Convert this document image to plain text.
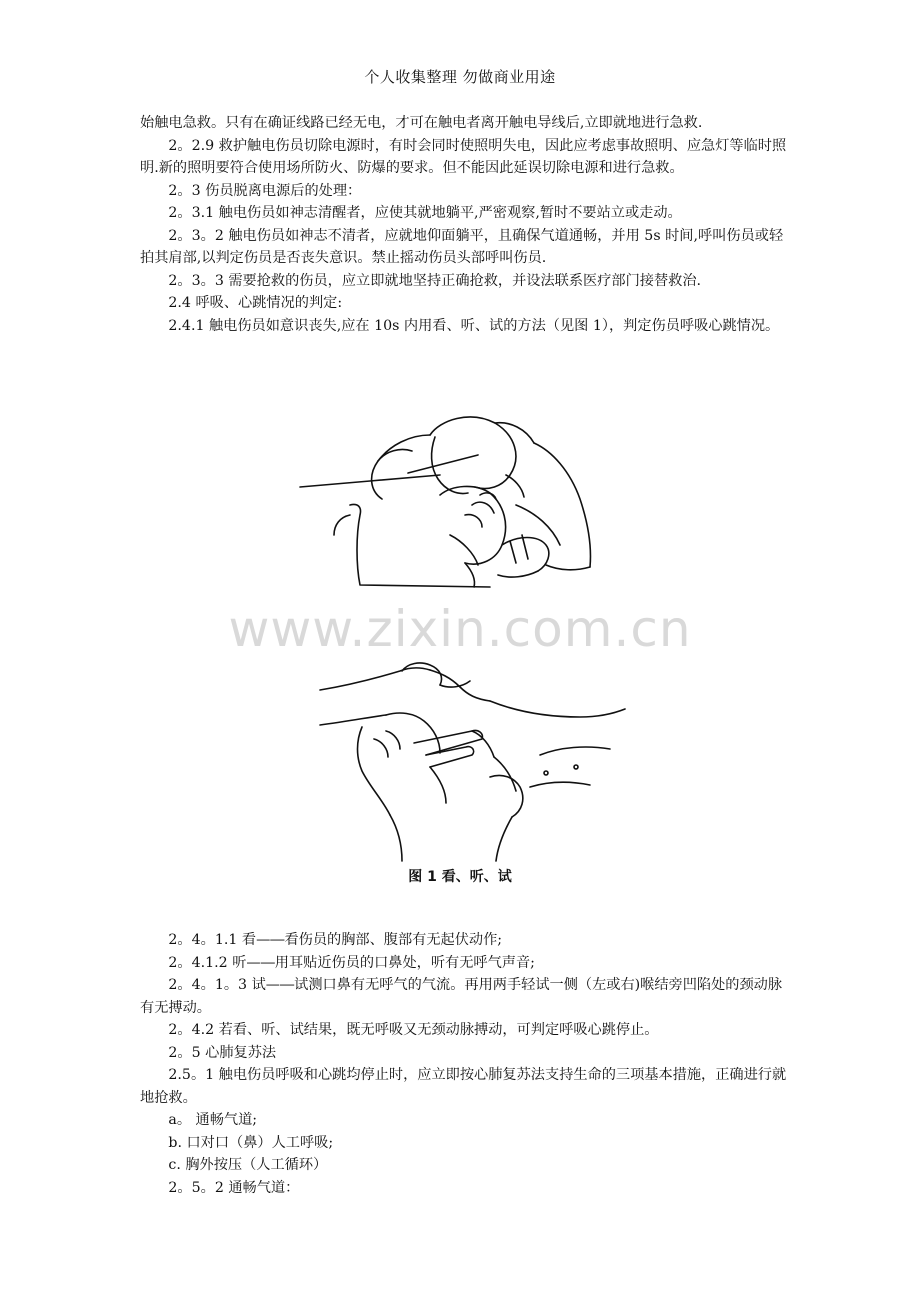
个人收集整理 勿做商业用途

始触电急救。只有在确证线路已经无电，才可在触电者离开触电导线后,立即就地进行急救.

2。2.9 救护触电伤员切除电源时，有时会同时使照明失电，因此应考虑事故照明、应急灯等临时照明.新的照明要符合使用场所防火、防爆的要求。但不能因此延误切除电源和进行急救。

2。3 伤员脱离电源后的处理：

2。3.1 触电伤员如神志清醒者，应使其就地躺平,严密观察,暂时不要站立或走动。

2。3。2 触电伤员如神志不清者，应就地仰面躺平，且确保气道通畅，并用 5s 时间,呼叫伤员或轻拍其肩部,以判定伤员是否丧失意识。禁止摇动伤员头部呼叫伤员.

2。3。3 需要抢救的伤员，应立即就地坚持正确抢救，并设法联系医疗部门接替救治.

2.4 呼吸、心跳情况的判定:

2.4.1 触电伤员如意识丧失,应在 10s 内用看、听、试的方法（见图 1），判定伤员呼吸心跳情况。

www.zixin.com.cn
图 1 看、听、试

2。4。1.1 看—―看伤员的胸部、腹部有无起伏动作;

2。4.1.2 听—―用耳贴近伤员的口鼻处，听有无呼气声音;

2。4。1。3 试—―试测口鼻有无呼气的气流。再用两手轻试一侧（左或右)喉结旁凹陷处的颈动脉有无搏动。

2。4.2 若看、听、试结果，既无呼吸又无颈动脉搏动，可判定呼吸心跳停止。

2。5 心肺复苏法

2.5。1 触电伤员呼吸和心跳均停止时，应立即按心肺复苏法支持生命的三项基本措施，正确进行就地抢救。

a。 通畅气道;

b. 口对口（鼻）人工呼吸;

c. 胸外按压（人工循环）

2。5。2 通畅气道：
